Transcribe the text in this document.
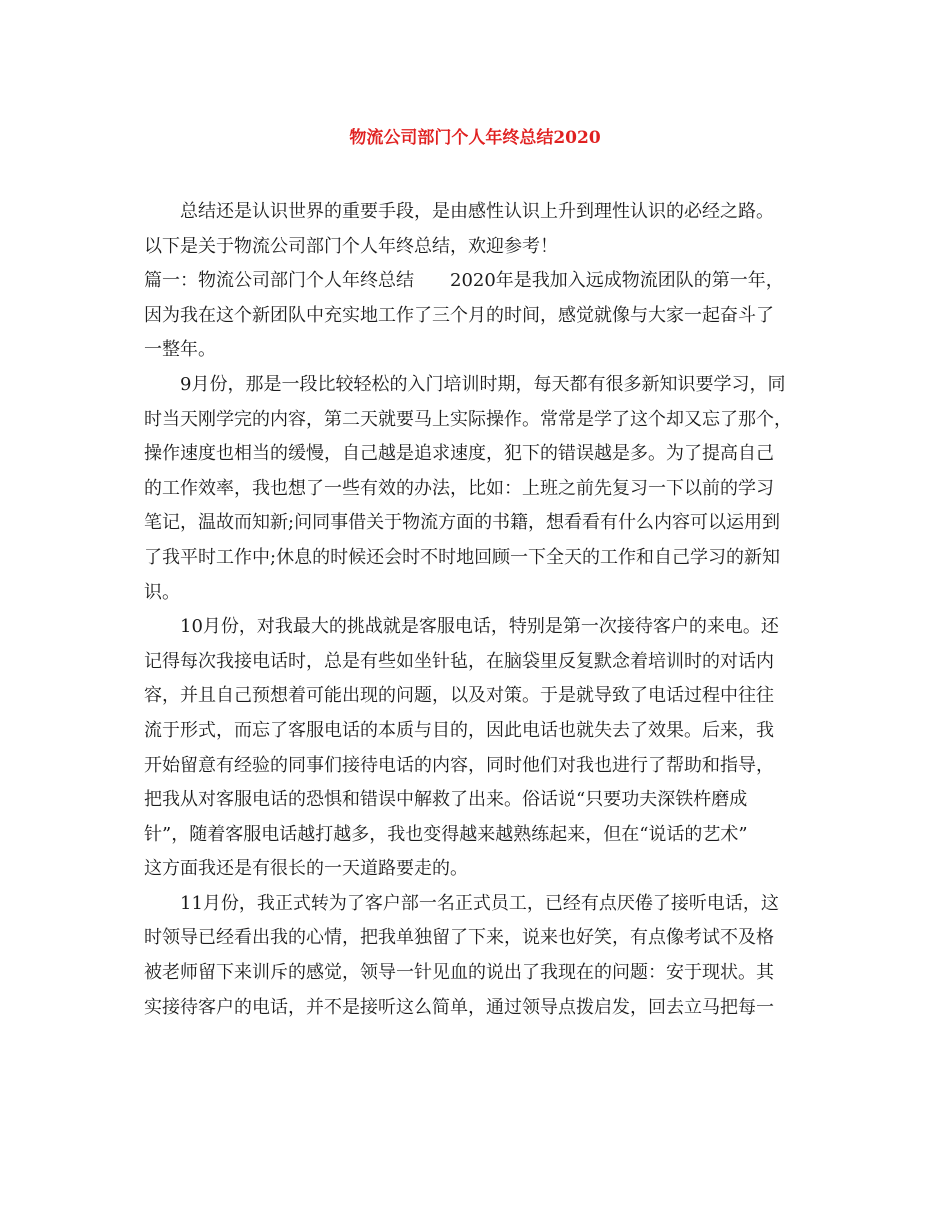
物流公司部门个人年终总结2020
总结还是认识世界的重要手段，是由感性认识上升到理性认识的必经之路。
以下是关于物流公司部门个人年终总结，欢迎参考！
篇一：物流公司部门个人年终总结　　2020年是我加入远成物流团队的第一年，
因为我在这个新团队中充实地工作了三个月的时间，感觉就像与大家一起奋斗了
一整年。
9月份，那是一段比较轻松的入门培训时期，每天都有很多新知识要学习，同
时当天刚学完的内容，第二天就要马上实际操作。常常是学了这个却又忘了那个，
操作速度也相当的缓慢，自己越是追求速度，犯下的错误越是多。为了提高自己
的工作效率，我也想了一些有效的办法，比如：上班之前先复习一下以前的学习
笔记，温故而知新;问同事借关于物流方面的书籍，想看看有什么内容可以运用到
了我平时工作中;休息的时候还会时不时地回顾一下全天的工作和自己学习的新知
识。
10月份，对我最大的挑战就是客服电话，特别是第一次接待客户的来电。还
记得每次我接电话时，总是有些如坐针毡，在脑袋里反复默念着培训时的对话内
容，并且自己预想着可能出现的问题，以及对策。于是就导致了电话过程中往往
流于形式，而忘了客服电话的本质与目的，因此电话也就失去了效果。后来，我
开始留意有经验的同事们接待电话的内容，同时他们对我也进行了帮助和指导，
把我从对客服电话的恐惧和错误中解救了出来。俗话说“只要功夫深铁杵磨成
针”，随着客服电话越打越多，我也变得越来越熟练起来，但在“说话的艺术”
这方面我还是有很长的一天道路要走的。
11月份，我正式转为了客户部一名正式员工，已经有点厌倦了接听电话，这
时领导已经看出我的心情，把我单独留了下来，说来也好笑，有点像考试不及格
被老师留下来训斥的感觉，领导一针见血的说出了我现在的问题：安于现状。其
实接待客户的电话，并不是接听这么简单，通过领导点拨启发，回去立马把每一
